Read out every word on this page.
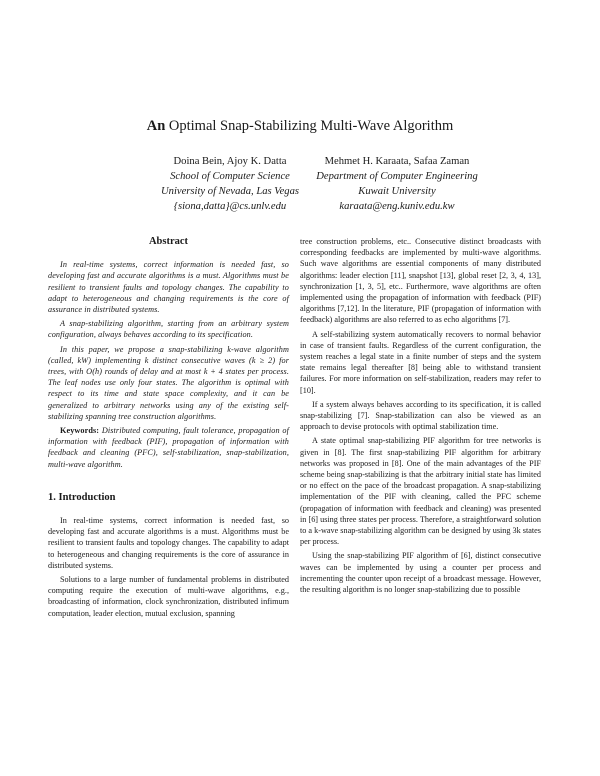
An Optimal Snap-Stabilizing Multi-Wave Algorithm
Doina Bein, Ajoy K. Datta
School of Computer Science
University of Nevada, Las Vegas
{siona,datta}@cs.unlv.edu
Mehmet H. Karaata, Safaa Zaman
Department of Computer Engineering
Kuwait University
karaata@eng.kuniv.edu.kw
Abstract

In real-time systems, correct information is needed fast, so developing fast and accurate algorithms is a must. Algorithms must be resilient to transient faults and topology changes. The capability to adapt to heterogeneous and changing requirements is the core of assurance in distributed systems.

A snap-stabilizing algorithm, starting from an arbitrary system configuration, always behaves according to its specification.

In this paper, we propose a snap-stabilizing k-wave algorithm (called, kW) implementing k distinct consecutive waves (k ≥ 2) for trees, with O(h) rounds of delay and at most k + 4 states per process. The leaf nodes use only four states. The algorithm is optimal with respect to its time and state space complexity, and it can be generalized to arbitrary networks using any of the existing self-stabilizing spanning tree construction algorithms.

Keywords: Distributed computing, fault tolerance, propagation of information with feedback (PIF), propagation of information with feedback and cleaning (PFC), self-stabilization, snap-stabilization, multi-wave algorithm.

1. Introduction

In real-time systems, correct information is needed fast, so developing fast and accurate algorithms is a must. Algorithms must be resilient to transient faults and topology changes. The capability to adapt to heterogeneous and changing requirements is the core of assurance in distributed systems.

Solutions to a large number of fundamental problems in distributed computing require the execution of multi-wave algorithms, e.g., broadcasting of information, clock synchronization, distributed infimum computation, leader election, mutual exclusion, spanning

tree construction problems, etc.. Consecutive distinct broadcasts with corresponding feedbacks are implemented by multi-wave algorithms. Such wave algorithms are essential components of many distributed algorithms: leader election [11], snapshot [13], global reset [2, 3, 4, 13], synchronization [1, 3, 5], etc.. Furthermore, wave algorithms are often implemented using the propagation of information with feedback (PIF) algorithms [7,12]. In the literature, PIF (propagation of information with feedback) algorithms are also referred to as echo algorithms [7].

A self-stabilizing system automatically recovers to normal behavior in case of transient faults. Regardless of the current configuration, the system reaches a legal state in a finite number of steps and the system state remains legal thereafter [8] being able to withstand transient failures. For more information on self-stabilization, readers may refer to [10].

If a system always behaves according to its specification, it is called snap-stabilizing [7]. Snap-stabilization can also be viewed as an approach to devise protocols with optimal stabilization time.

A state optimal snap-stabilizing PIF algorithm for tree networks is given in [8]. The first snap-stabilizing PIF algorithm for arbitrary networks was proposed in [8]. One of the main advantages of the PIF scheme being snap-stabilizing is that the arbitrary initial state has limited or no effect on the pace of the broadcast propagation. A snap-stabilizing implementation of the PIF with cleaning, called the PFC scheme (propagation of information with feedback and cleaning) was presented in [6] using three states per process. Therefore, a straightforward solution to a k-wave snap-stabilizing algorithm can be designed by using 3k states per process.

Using the snap-stabilizing PIF algorithm of [6], distinct consecutive waves can be implemented by using a counter per process and incrementing the counter upon receipt of a broadcast message. However, the resulting algorithm is no longer snap-stabilizing due to possible
